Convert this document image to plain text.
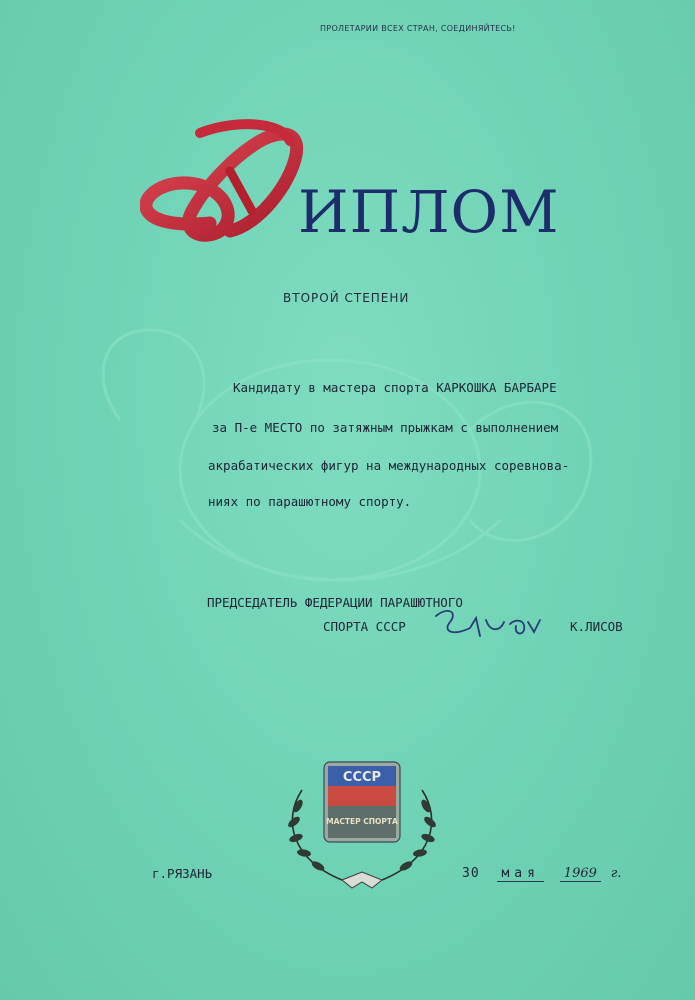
ПРОЛЕТАРИИ ВСЕХ СТРАН, СОЕДИНЯЙТЕСЬ!
ИПЛОМ
ВТОРОЙ СТЕПЕНИ
Кандидату в мастера спорта КАРКОШКА БАРБАРЕ
за П-е МЕСТО по затяжным прыжкам с выполнением
акрабатических фигур на международных соревнова-
ниях по парашютному спорту.
ПРЕДСЕДАТЕЛЬ ФЕДЕРАЦИИ ПАРАШЮТНОГО
СПОРТА СССР	К.ЛИСОВ
СССР
МАСТЕР СПОРТА
г.РЯЗАНЬ	30 мая 1969 г.
